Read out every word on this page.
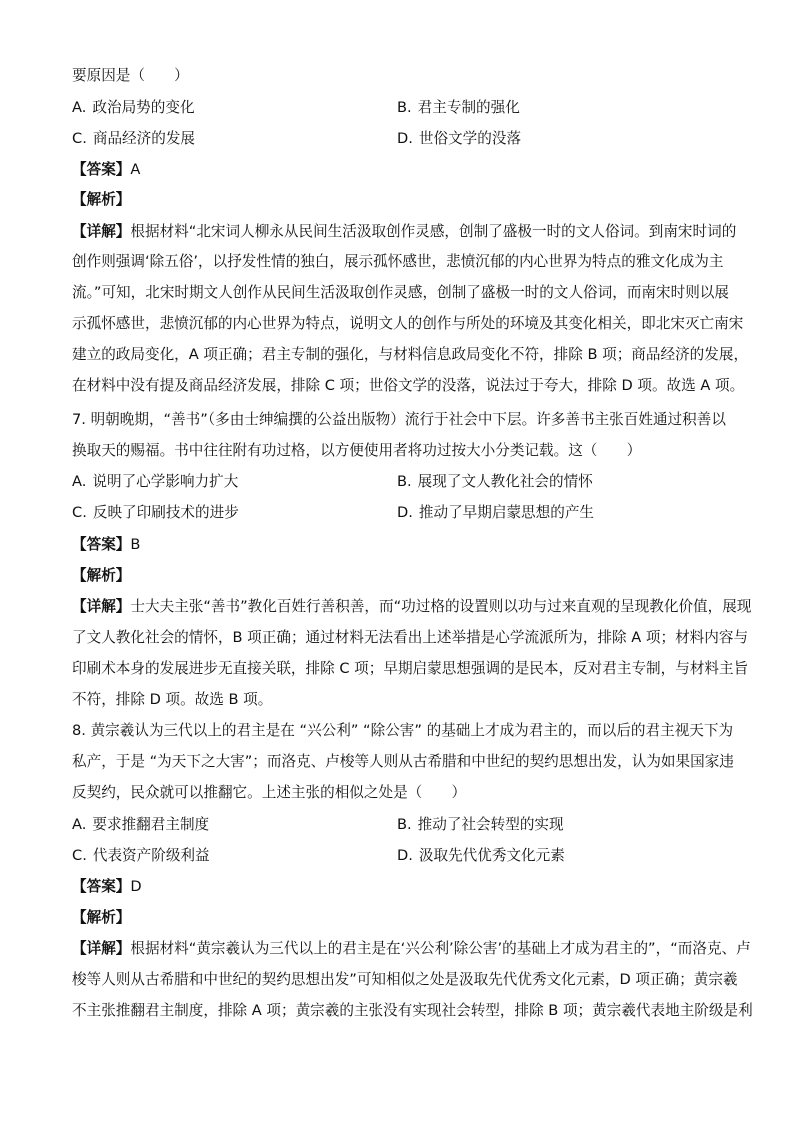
要原因是（　　）
A. 政治局势的变化	B. 君主专制的强化
C. 商品经济的发展	D. 世俗文学的没落
【答案】A
【解析】
【详解】根据材料“北宋词人柳永从民间生活汲取创作灵感，创制了盛极一时的文人俗词。到南宋时词的
创作则强调‘除五俗’，以抒发性情的独白，展示孤怀感世，悲愤沉郁的内心世界为特点的雅文化成为主
流。”可知，北宋时期文人创作从民间生活汲取创作灵感，创制了盛极一时的文人俗词，而南宋时则以展
示孤怀感世，悲愤沉郁的内心世界为特点，说明文人的创作与所处的环境及其变化相关，即北宋灭亡南宋
建立的政局变化，A 项正确；君主专制的强化，与材料信息政局变化不符，排除 B 项；商品经济的发展，
在材料中没有提及商品经济发展，排除 C 项；世俗文学的没落，说法过于夸大，排除 D 项。故选 A 项。
7. 明朝晚期，“善书”（多由士绅编撰的公益出版物）流行于社会中下层。许多善书主张百姓通过积善以
换取天的赐福。书中往往附有功过格，以方便使用者将功过按大小分类记载。这（　　）
A. 说明了心学影响力扩大	B. 展现了文人教化社会的情怀
C. 反映了印刷技术的进步	D. 推动了早期启蒙思想的产生
【答案】B
【解析】
【详解】士大夫主张“善书”教化百姓行善积善，而“功过格的设置则以功与过来直观的呈现教化价值，展现
了文人教化社会的情怀，B 项正确；通过材料无法看出上述举措是心学流派所为，排除 A 项；材料内容与
印刷术本身的发展进步无直接关联，排除 C 项；早期启蒙思想强调的是民本，反对君主专制，与材料主旨
不符，排除 D 项。故选 B 项。
8. 黄宗羲认为三代以上的君主是在 “兴公利” “除公害” 的基础上才成为君主的，而以后的君主视天下为
私产，于是 “为天下之大害”；而洛克、卢梭等人则从古希腊和中世纪的契约思想出发，认为如果国家违
反契约，民众就可以推翻它。上述主张的相似之处是（　　）
A. 要求推翻君主制度	B. 推动了社会转型的实现
C. 代表资产阶级利益	D. 汲取先代优秀文化元素
【答案】D
【解析】
【详解】根据材料“黄宗羲认为三代以上的君主是在‘兴公利’除公害’的基础上才成为君主的”，“而洛克、卢
梭等人则从古希腊和中世纪的契约思想出发”可知相似之处是汲取先代优秀文化元素，D 项正确；黄宗羲
不主张推翻君主制度，排除 A 项；黄宗羲的主张没有实现社会转型，排除 B 项；黄宗羲代表地主阶级是利
